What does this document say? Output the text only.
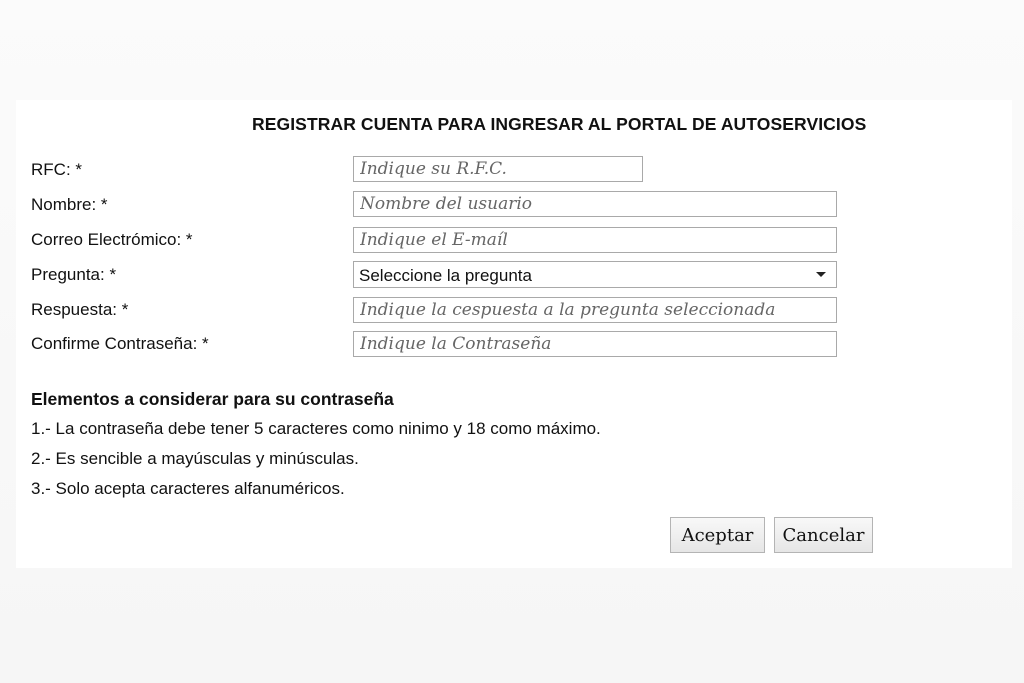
REGISTRAR CUENTA PARA INGRESAR AL PORTAL DE AUTOSERVICIOS
RFC: *
Indique su R.F.C.
Nombre: *
Nombre del usuario
Correo Electrómico: *
Indique el E-maíl
Pregunta: *	Seleccione la pregunta
Respuesta: *
Indique la cespuesta a la pregunta seleccionada
Confirme Contraseña: *
Elementos a considerar para su contraseña
1.- La contraseña debe tener 5 caracteres como ninimo y 18 como máximo.
2.- Es sencible a mayúsculas y minúsculas.
3.- Solo acepta caracteres alfanuméricos.
Aceptar	Cancelar
